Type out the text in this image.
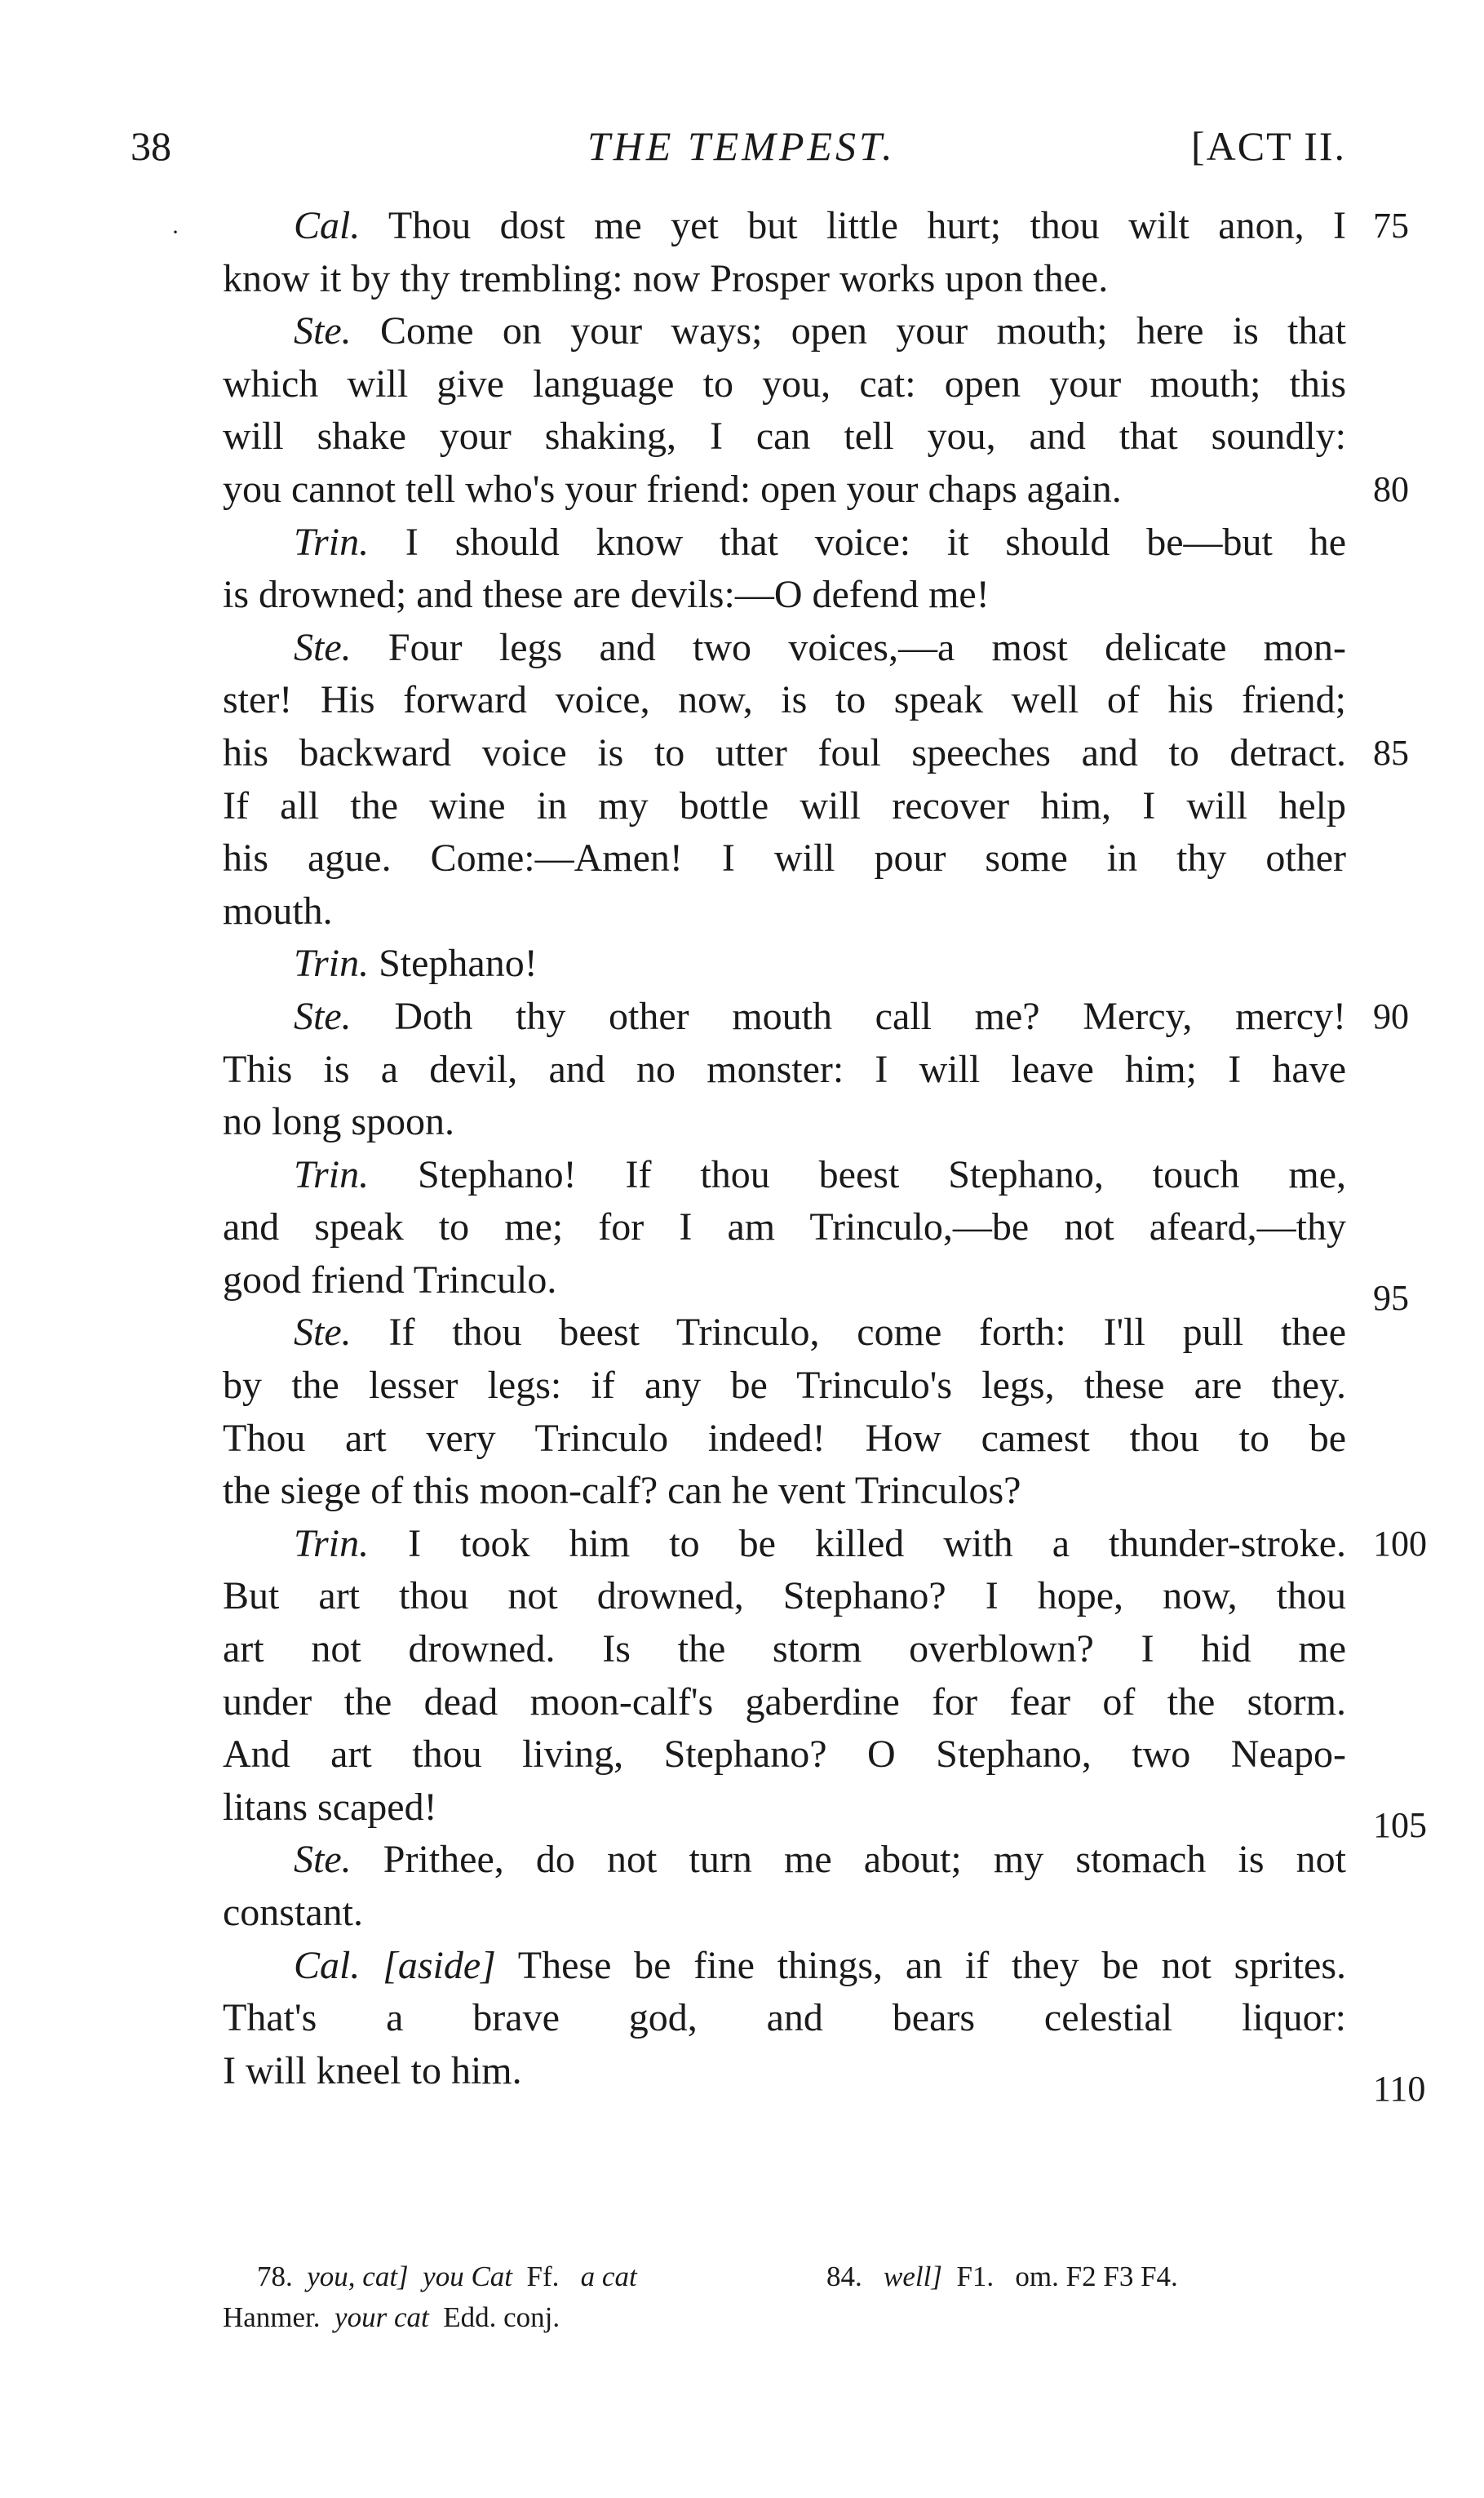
38	THE TEMPEST.	[ACT II.
·	Cal. Thou dost me yet but little hurt; thou wilt anon, I 75
know it by thy trembling: now Prosper works upon thee.
Ste. Come on your ways; open your mouth; here is that
which will give language to you, cat: open your mouth; this
will shake your shaking, I can tell you, and that soundly:
you cannot tell who's your friend: open your chaps again.	80
Trin. I should know that voice: it should be—but he
is drowned; and these are devils:—O defend me!
Ste. Four legs and two voices,—a most delicate mon-
ster! His forward voice, now, is to speak well of his friend;
his backward voice is to utter foul speeches and to detract. 85
If all the wine in my bottle will recover him, I will help
his ague. Come:—Amen! I will pour some in thy other
mouth.
Trin. Stephano!
Ste. Doth thy other mouth call me? Mercy, mercy! 90
This is a devil, and no monster: I will leave him; I have
no long spoon.
Trin. Stephano! If thou beest Stephano, touch me,
and speak to me; for I am Trinculo,—be not afeard,—thy
good friend Trinculo.	95
Ste. If thou beest Trinculo, come forth: I'll pull thee
by the lesser legs: if any be Trinculo's legs, these are they.
Thou art very Trinculo indeed! How camest thou to be
the siege of this moon-calf? can he vent Trinculos?
Trin. I took him to be killed with a thunder-stroke. 100
But art thou not drowned, Stephano? I hope, now, thou
art not drowned. Is the storm overblown? I hid me
under the dead moon-calf's gaberdine for fear of the storm.
And art thou living, Stephano? O Stephano, two Neapo-
litans scaped!	105
Ste. Prithee, do not turn me about; my stomach is not
constant.
Cal. [aside] These be fine things, an if they be not sprites.
That's a brave god, and bears celestial liquor:
I will kneel to him.	110
78. you, cat] you Cat Ff. a cat	84. well] F1. om. F2 F3 F4.
Hanmer. your cat Edd. conj.
